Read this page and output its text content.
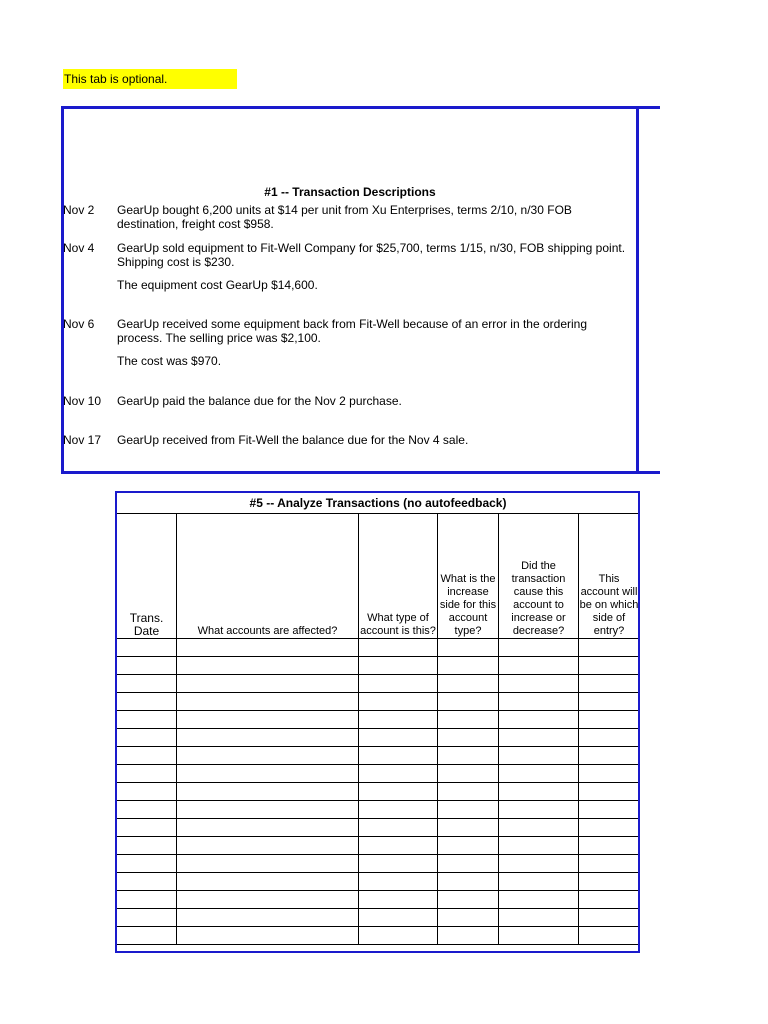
This tab is optional.
#1 -- Transaction Descriptions
Nov 2 GearUp bought 6,200 units at $14 per unit from Xu Enterprises, terms 2/10, n/30 FOB destination, freight cost $958.
Nov 4 GearUp sold equipment to Fit-Well Company for $25,700, terms 1/15, n/30, FOB shipping point. Shipping cost is $230.
The equipment cost GearUp $14,600.
Nov 6 GearUp received some equipment back from Fit-Well because of an error in the ordering process. The selling price was $2,100.
The cost was $970.
Nov 10 GearUp paid the balance due for the Nov 2 purchase.
Nov 17 GearUp received from Fit-Well the balance due for the Nov 4 sale.
#5 -- Analyze Transactions (no autofeedback)					
Trans. Date	What accounts are affected?	What type of account is this?	What is the increase side for this account type?	Did the transaction cause this account to increase or decrease?	This account will be on which side of entry?
